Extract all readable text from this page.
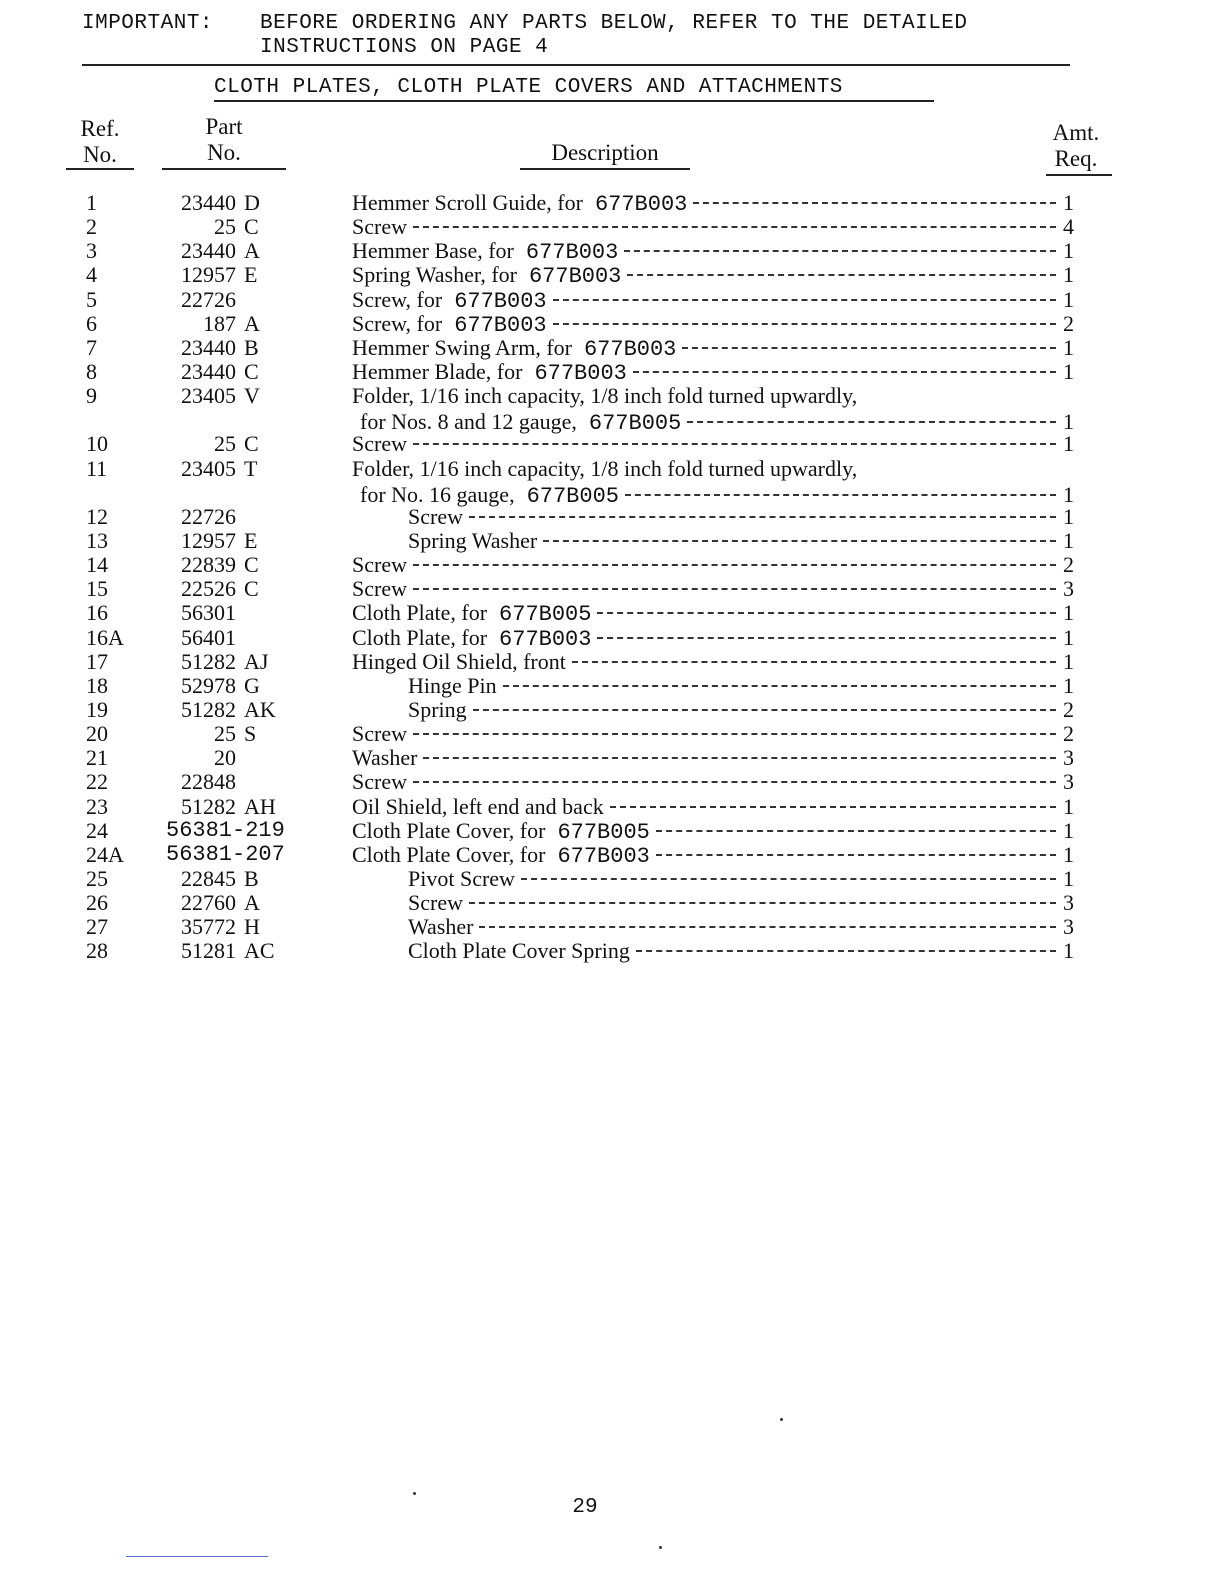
IMPORTANT: BEFORE ORDERING ANY PARTS BELOW, REFER TO THE DETAILED
INSTRUCTIONS ON PAGE 4
CLOTH PLATES, CLOTH PLATE COVERS AND ATTACHMENTS
Ref.
No.
Part
No.	Description
Amt.
Req.
1	23440 D	Hemmer Scroll Guide, for 677B003	1
2	25 C	Screw	4
3	23440 A	Hemmer Base, for 677B003	1
4	12957 E	Spring Washer, for 677B003	1
5	22726	Screw, for 677B003	1
6	187 A	Screw, for 677B003	2
7	23440 B	Hemmer Swing Arm, for 677B003	1
8	23440 C	Hemmer Blade, for 677B003	1
9	23405 V	Folder, 1/16 inch capacity, 1/8 inch fold turned upwardly,
for Nos. 8 and 12 gauge, 677B005	1
10	25 C	Screw	1
11	23405 T	Folder, 1/16 inch capacity, 1/8 inch fold turned upwardly,
for No. 16 gauge, 677B005	1
12	22726	Screw	1
13	12957 E	Spring Washer	1
14	22839 C	Screw	2
15	22526 C	Screw	3
16	56301	Cloth Plate, for 677B005	1
16A	56401	Cloth Plate, for 677B003	1
17	51282 AJ	Hinged Oil Shield, front	1
18	52978 G	Hinge Pin	1
19	51282 AK	Spring	2
20	25 S	Screw	2
21	20	Washer	3
22	22848	Screw	3
23	51282 AH	Oil Shield, left end and back	1
24	56381-219	Cloth Plate Cover, for 677B005	1
24A	56381-207	Cloth Plate Cover, for 677B003	1
25	22845 B	Pivot Screw	1
26	22760 A	Screw	3
27	35772 H	Washer	3
28	51281 AC	Cloth Plate Cover Spring	1
29
